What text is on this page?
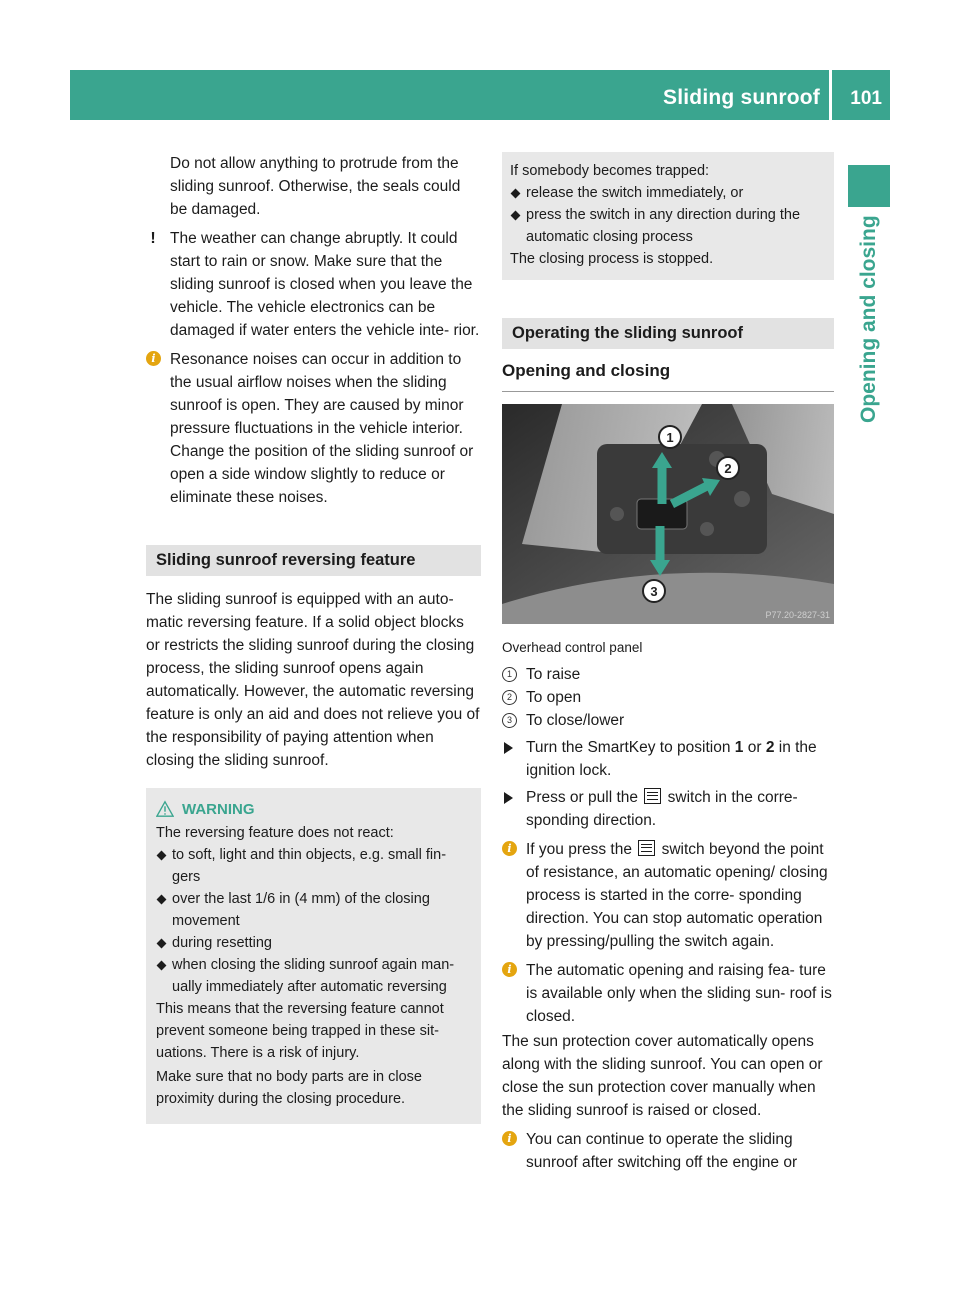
Sliding sunroof 101
Opening and closing

Do not allow anything to protrude from the sliding sunroof. Otherwise, the seals could be damaged.

! The weather can change abruptly. It could start to rain or snow. Make sure that the sliding sunroof is closed when you leave the vehicle. The vehicle electronics can be damaged if water enters the vehicle inte- rior.

i Resonance noises can occur in addition to the usual airflow noises when the sliding sunroof is open. They are caused by minor pressure fluctuations in the vehicle interior. Change the position of the sliding sunroof or open a side window slightly to reduce or eliminate these noises.

Sliding sunroof reversing feature

The sliding sunroof is equipped with an auto- matic reversing feature. If a solid object blocks or restricts the sliding sunroof during the closing process, the sliding sunroof opens again automatically. However, the automatic reversing feature is only an aid and does not relieve you of the responsibility of paying attention when closing the sliding sunroof.

WARNING

The reversing feature does not react:

to soft, light and thin objects, e.g. small fin- gers

over the last 1/6 in (4 mm) of the closing movement

during resetting

when closing the sliding sunroof again man- ually immediately after automatic reversing

This means that the reversing feature cannot prevent someone being trapped in these sit- uations. There is a risk of injury.

Make sure that no body parts are in close proximity during the closing procedure.

If somebody becomes trapped:

release the switch immediately, or

press the switch in any direction during the automatic closing process

The closing process is stopped.

Operating the sliding sunroof
Opening and closing
1
2
3
P77.20-2827-31

Overhead control panel

1 To raise

2 To open

3 To close/lower

Turn the SmartKey to position 1 or 2 in the ignition lock.

Press or pull the  switch in the corre- sponding direction.

i If you press the  switch beyond the point of resistance, an automatic opening/ closing process is started in the corre- sponding direction. You can stop automatic operation by pressing/pulling the switch again.

i The automatic opening and raising fea- ture is available only when the sliding sun- roof is closed.

The sun protection cover automatically opens along with the sliding sunroof. You can open or close the sun protection cover manually when the sliding sunroof is raised or closed.

i You can continue to operate the sliding sunroof after switching off the engine or
